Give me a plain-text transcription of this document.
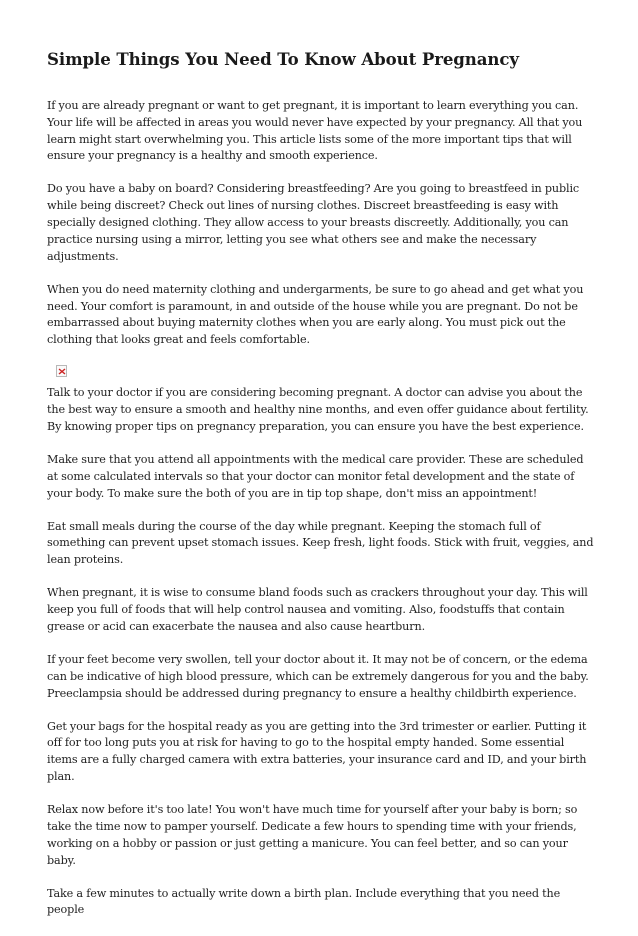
Simple Things You Need To Know About Pregnancy

If you are already pregnant or want to get pregnant, it is important to learn everything you can. Your life will be affected in areas you would never have expected by your pregnancy. All that you learn might start overwhelming you. This article lists some of the more important tips that will ensure your pregnancy is a healthy and smooth experience.

Do you have a baby on board? Considering breastfeeding? Are you going to breastfeed in public while being discreet? Check out lines of nursing clothes. Discreet breastfeeding is easy with specially designed clothing. They allow access to your breasts discreetly. Additionally, you can practice nursing using a mirror, letting you see what others see and make the necessary adjustments.

When you do need maternity clothing and undergarments, be sure to go ahead and get what you need. Your comfort is paramount, in and outside of the house while you are pregnant. Do not be embarrassed about buying maternity clothes when you are early along. You must pick out the clothing that looks great and feels comfortable.

Talk to your doctor if you are considering becoming pregnant. A doctor can advise you about the the best way to ensure a smooth and healthy nine months, and even offer guidance about fertility. By knowing proper tips on pregnancy preparation, you can ensure you have the best experience.

Make sure that you attend all appointments with the medical care provider. These are scheduled at some calculated intervals so that your doctor can monitor fetal development and the state of your body. To make sure the both of you are in tip top shape, don't miss an appointment!

Eat small meals during the course of the day while pregnant. Keeping the stomach full of something can prevent upset stomach issues. Keep fresh, light foods. Stick with fruit, veggies, and lean proteins.

When pregnant, it is wise to consume bland foods such as crackers throughout your day. This will keep you full of foods that will help control nausea and vomiting. Also, foodstuffs that contain grease or acid can exacerbate the nausea and also cause heartburn.

If your feet become very swollen, tell your doctor about it. It may not be of concern, or the edema can be indicative of high blood pressure, which can be extremely dangerous for you and the baby. Preeclampsia should be addressed during pregnancy to ensure a healthy childbirth experience.

Get your bags for the hospital ready as you are getting into the 3rd trimester or earlier. Putting it off for too long puts you at risk for having to go to the hospital empty handed. Some essential items are a fully charged camera with extra batteries, your insurance card and ID, and your birth plan.

Relax now before it's too late! You won't have much time for yourself after your baby is born; so take the time now to pamper yourself. Dedicate a few hours to spending time with your friends, working on a hobby or passion or just getting a manicure. You can feel better, and so can your baby.

Take a few minutes to actually write down a birth plan. Include everything that you need the people
